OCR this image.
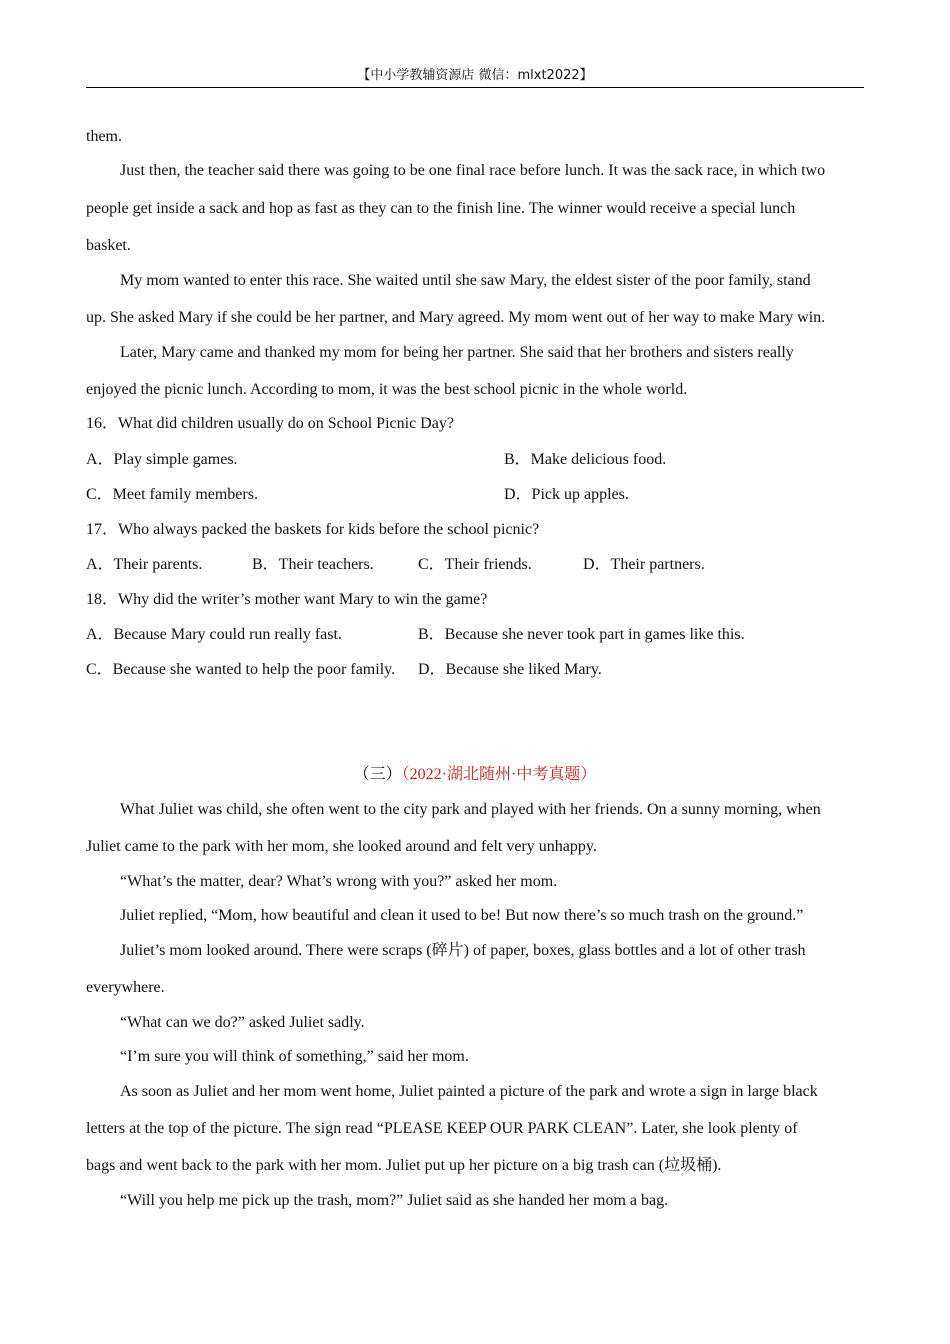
【中小学教辅资源店 微信：mlxt2022】
them.
Just then, the teacher said there was going to be one final race before lunch. It was the sack race, in which two
people get inside a sack and hop as fast as they can to the finish line. The winner would receive a special lunch
basket.
My mom wanted to enter this race. She waited until she saw Mary, the eldest sister of the poor family, stand
up. She asked Mary if she could be her partner, and Mary agreed. My mom went out of her way to make Mary win.
Later, Mary came and thanked my mom for being her partner. She said that her brothers and sisters really
enjoyed the picnic lunch. According to mom, it was the best school picnic in the whole world.
16．What did children usually do on School Picnic Day?
A．Play simple games.	B．Make delicious food.
C．Meet family members.	D．Pick up apples.
17．Who always packed the baskets for kids before the school picnic?
A．Their parents.	B．Their teachers.	C．Their friends.	D．Their partners.
18．Why did the writer’s mother want Mary to win the game?
A．Because Mary could run really fast.	B．Because she never took part in games like this.
C．Because she wanted to help the poor family. D．Because she liked Mary.
（三）（2022·湖北随州·中考真题）
What Juliet was child, she often went to the city park and played with her friends. On a sunny morning, when
Juliet came to the park with her mom, she looked around and felt very unhappy.
“What’s the matter, dear? What’s wrong with you?” asked her mom.
Juliet replied, “Mom, how beautiful and clean it used to be! But now there’s so much trash on the ground.”
Juliet’s mom looked around. There were scraps (碎片) of paper, boxes, glass bottles and a lot of other trash
everywhere.
“What can we do?” asked Juliet sadly.
“I’m sure you will think of something,” said her mom.
As soon as Juliet and her mom went home, Juliet painted a picture of the park and wrote a sign in large black
letters at the top of the picture. The sign read “PLEASE KEEP OUR PARK CLEAN”. Later, she look plenty of
bags and went back to the park with her mom. Juliet put up her picture on a big trash can (垃圾桶).
“Will you help me pick up the trash, mom?” Juliet said as she handed her mom a bag.
